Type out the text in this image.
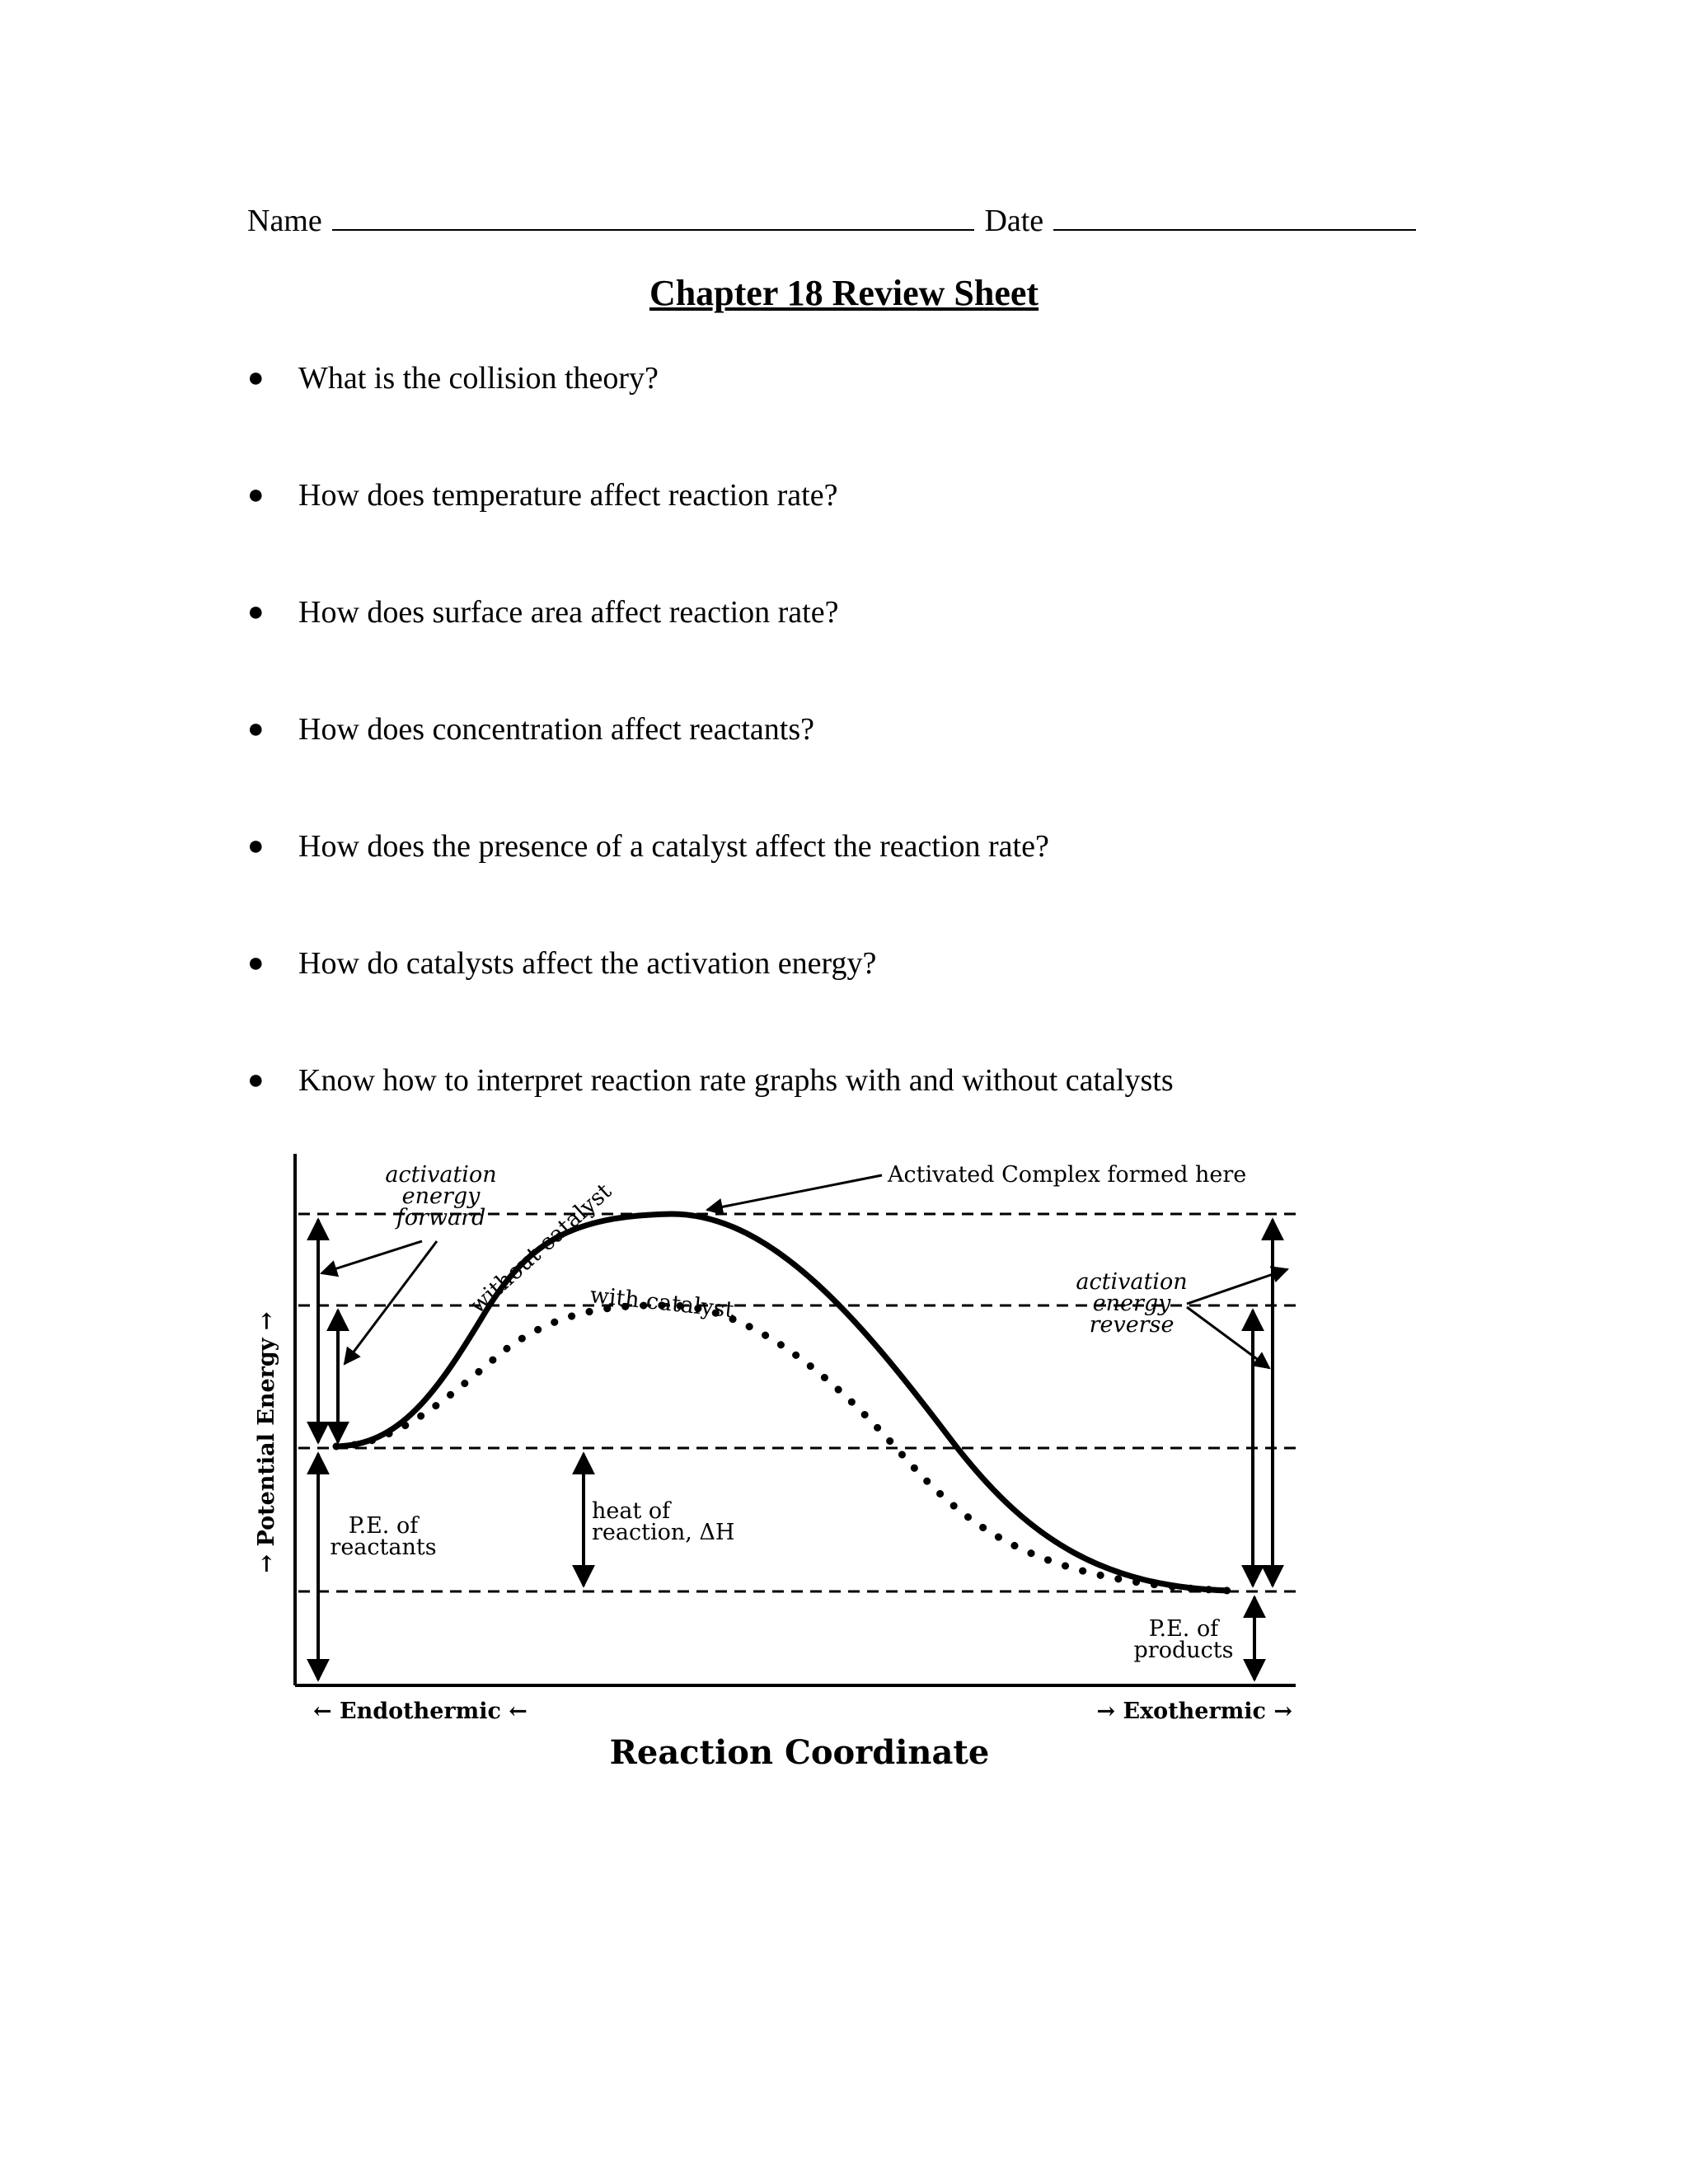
Name	Date
Chapter 18 Review Sheet
● What is the collision theory?
● How does temperature affect reaction rate?
● How does surface area affect reaction rate?
● How does concentration affect reactants?
● How does the presence of a catalyst affect the reaction rate?
● How do catalysts affect the activation energy?
● Know how to interpret reaction rate graphs with and without catalysts
Activated Complex formed here
activation
energy
forward
activation
energy
reverse
without catalyst
with catalyst
P.E. of
reactants
heat of
reaction, ΔH
P.E. of
products
← Endothermic ←	→ Exothermic →
Reaction Coordinate
→ Potential Energy →
